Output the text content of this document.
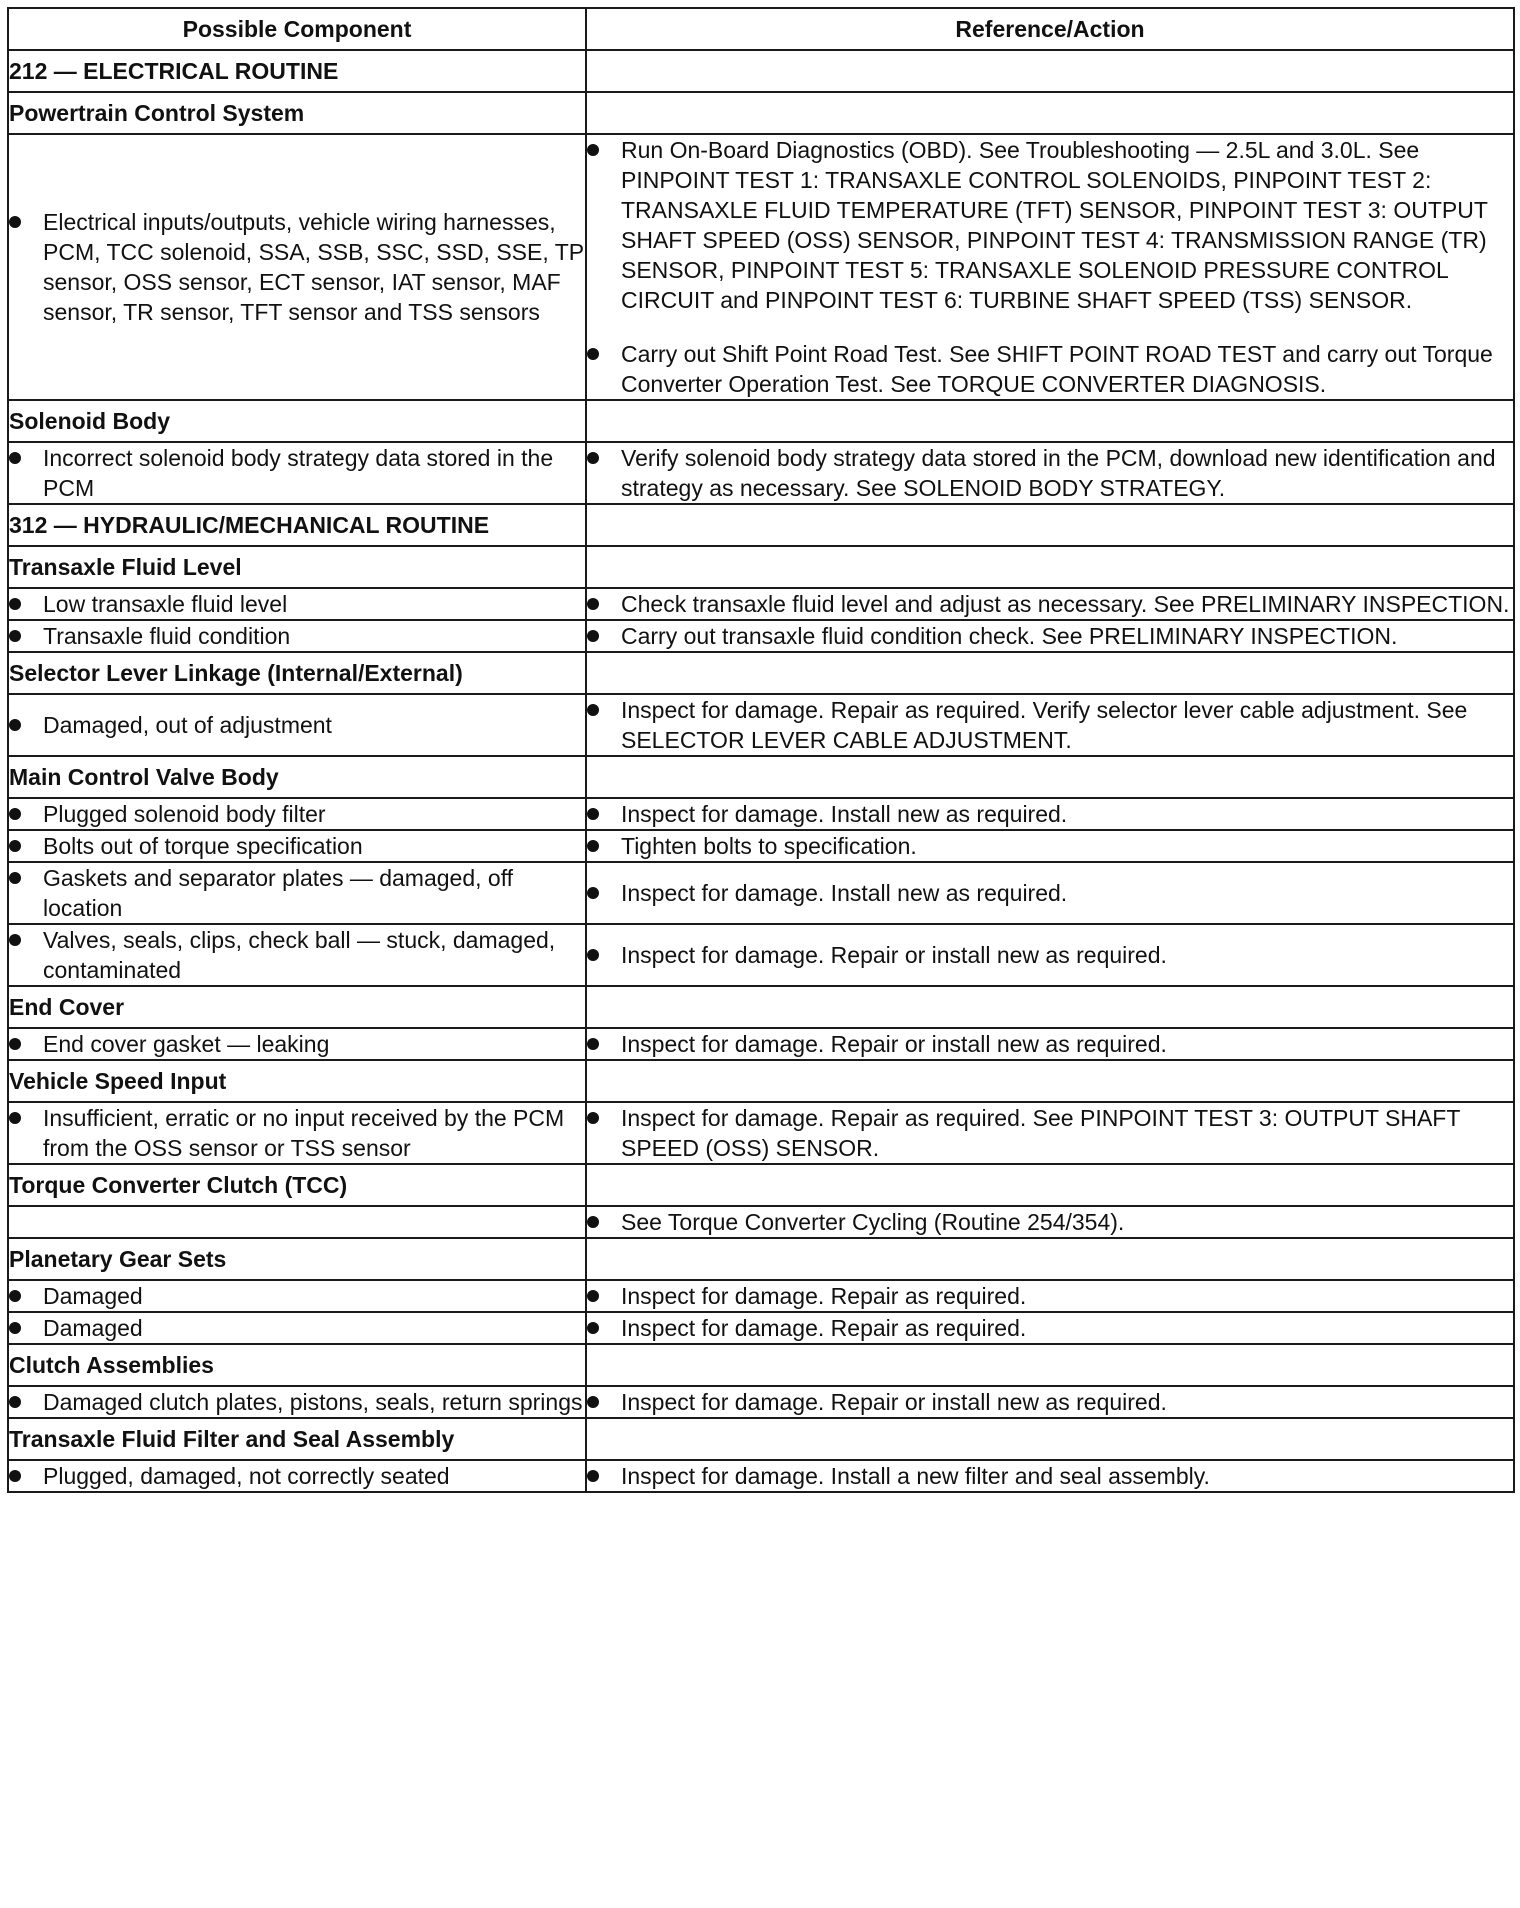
Possible Component	Reference/Action
212 — ELECTRICAL ROUTINE	
Powertrain Control System	

Electrical inputs/outputs, vehicle wiring harnesses, PCM, TCC solenoid, SSA, SSB, SSC, SSD, SSE, TP sensor, OSS sensor, ECT sensor, IAT sensor, MAF sensor, TR sensor, TFT sensor and TSS sensors	Run On-Board Diagnostics (OBD). See Troubleshooting — 2.5L and 3.0L. See PINPOINT TEST 1: TRANSAXLE CONTROL SOLENOIDS, PINPOINT TEST 2: TRANSAXLE FLUID TEMPERATURE (TFT) SENSOR, PINPOINT TEST 3: OUTPUT SHAFT SPEED (OSS) SENSOR, PINPOINT TEST 4: TRANSMISSION RANGE (TR) SENSOR, PINPOINT TEST 5: TRANSAXLE SOLENOID PRESSURE CONTROL CIRCUIT and PINPOINT TEST 6: TURBINE SHAFT SPEED (TSS) SENSOR.
Carry out Shift Point Road Test. See SHIFT POINT ROAD TEST and carry out Torque Converter Operation Test. See TORQUE CONVERTER DIAGNOSIS.

Solenoid Body	

Incorrect solenoid body strategy data stored in the PCM	Verify solenoid body strategy data stored in the PCM, download new identification and strategy as necessary. See SOLENOID BODY STRATEGY.

312 — HYDRAULIC/MECHANICAL ROUTINE	
Transaxle Fluid Level	

Low transaxle fluid level	Check transaxle fluid level and adjust as necessary. See PRELIMINARY INSPECTION.

Transaxle fluid condition	Carry out transaxle fluid condition check. See PRELIMINARY INSPECTION.

Selector Lever Linkage (Internal/External)	

Damaged, out of adjustment	Inspect for damage. Repair as required. Verify selector lever cable adjustment. See SELECTOR LEVER CABLE ADJUSTMENT.

Main Control Valve Body	

Plugged solenoid body filter	Inspect for damage. Install new as required.

Bolts out of torque specification	Tighten bolts to specification.

Gaskets and separator plates — damaged, off location	Inspect for damage. Install new as required.

Valves, seals, clips, check ball — stuck, damaged, contaminated	Inspect for damage. Repair or install new as required.

End Cover	

End cover gasket — leaking	Inspect for damage. Repair or install new as required.

Vehicle Speed Input	

Insufficient, erratic or no input received by the PCM from the OSS sensor or TSS sensor	Inspect for damage. Repair as required. See PINPOINT TEST 3: OUTPUT SHAFT SPEED (OSS) SENSOR.

Torque Converter Clutch (TCC)	

	See Torque Converter Cycling (Routine 254/354).

Planetary Gear Sets	

Damaged	Inspect for damage. Repair as required.

Damaged	Inspect for damage. Repair as required.

Clutch Assemblies	

Damaged clutch plates, pistons, seals, return springs	Inspect for damage. Repair or install new as required.

Transaxle Fluid Filter and Seal Assembly	

Plugged, damaged, not correctly seated	Inspect for damage. Install a new filter and seal assembly.
